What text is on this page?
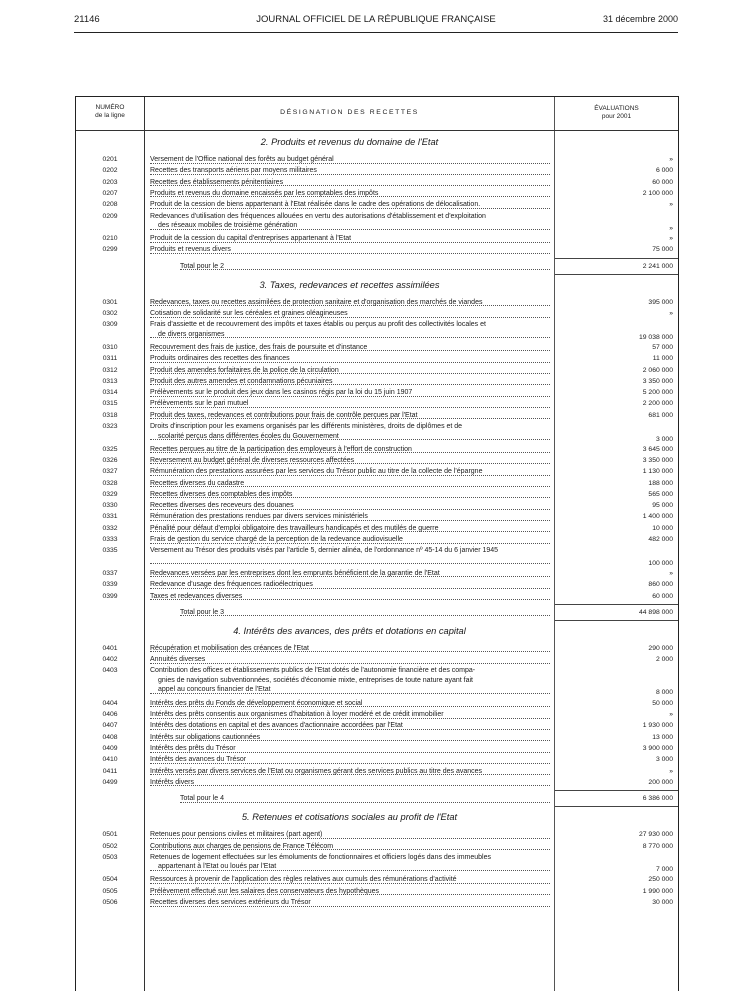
21146	JOURNAL OFFICIEL DE LA RÉPUBLIQUE FRANÇAISE	31 décembre 2000
NUMÉRO
de la ligne	DÉSIGNATION DES RECETTES
ÉVALUATIONS
pour 2001
2. Produits et revenus du domaine de l'Etat
0201	Versement de l'Office national des forêts au budget général	»
0202	Recettes des transports aériens par moyens militaires	6 000
0203	Recettes des établissements pénitentiaires	60 000
0207	Produits et revenus du domaine encaissés par les comptables des impôts	2 100 000
0208	Produit de la cession de biens appartenant à l'Etat réalisée dans le cadre des opérations de délocalisation.	»
0209	Redevances d'utilisation des fréquences allouées en vertu des autorisations d'établissement et d'exploitation
des réseaux mobiles de troisième génération	»
0210	Produit de la cession du capital d'entreprises appartenant à l'Etat	»
0299	Produits et revenus divers	75 000
Total pour le 2	2 241 000
3. Taxes, redevances et recettes assimilées
0301	Redevances, taxes ou recettes assimilées de protection sanitaire et d'organisation des marchés de viandes	395 000
0302	Cotisation de solidarité sur les céréales et graines oléagineuses	»
0309	Frais d'assiette et de recouvrement des impôts et taxes établis ou perçus au profit des collectivités locales et
de divers organismes	19 038 000
0310	Recouvrement des frais de justice, des frais de poursuite et d'instance	57 000
0311	Produits ordinaires des recettes des finances	11 000
0312	Produit des amendes forfaitaires de la police de la circulation	2 060 000
0313	Produit des autres amendes et condamnations pécuniaires	3 350 000
0314	Prélèvements sur le produit des jeux dans les casinos régis par la loi du 15 juin 1907	5 200 000
0315	Prélèvements sur le pari mutuel	2 200 000
0318	Produit des taxes, redevances et contributions pour frais de contrôle perçues par l'Etat	681 000
0323	Droits d'inscription pour les examens organisés par les différents ministères, droits de diplômes et de
scolarité perçus dans différentes écoles du Gouvernement	3 000
0325	Recettes perçues au titre de la participation des employeurs à l'effort de construction	3 645 000
0326	Reversement au budget général de diverses ressources affectées	3 350 000
0327	Rémunération des prestations assurées par les services du Trésor public au titre de la collecte de l'épargne	1 130 000
0328	Recettes diverses du cadastre	188 000
0329	Recettes diverses des comptables des impôts	565 000
0330	Recettes diverses des receveurs des douanes	95 000
0331	Rémunération des prestations rendues par divers services ministériels	1 400 000
0332	Pénalité pour défaut d'emploi obligatoire des travailleurs handicapés et des mutilés de guerre	10 000
0333	Frais de gestion du service chargé de la perception de la redevance audiovisuelle	482 000
0335	Versement au Trésor des produits visés par l'article 5, dernier alinéa, de l'ordonnance nº 45-14 du 6 janvier 1945
100 000
0337	Redevances versées par les entreprises dont les emprunts bénéficient de la garantie de l'Etat	»
0339	Redevance d'usage des fréquences radioélectriques	860 000
0399	Taxes et redevances diverses	60 000
Total pour le 3	44 898 000
4. Intérêts des avances, des prêts et dotations en capital
0401	Récupération et mobilisation des créances de l'Etat	290 000
0402	Annuités diverses	2 000
0403	Contribution des offices et établissements publics de l'Etat dotés de l'autonomie financière et des compa-
gnies de navigation subventionnées, sociétés d'économie mixte, entreprises de toute nature ayant fait
appel au concours financier de l'Etat	8 000
0404	Intérêts des prêts du Fonds de développement économique et social	50 000
0406	Intérêts des prêts consentis aux organismes d'habitation à loyer modéré et de crédit immobilier	»
0407	Intérêts des dotations en capital et des avances d'actionnaire accordées par l'Etat	1 930 000
0408	Intérêts sur obligations cautionnées	13 000
0409	Intérêts des prêts du Trésor	3 900 000
0410	Intérêts des avances du Trésor	3 000
0411	Intérêts versés par divers services de l'Etat ou organismes gérant des services publics au titre des avances	»
0499	Intérêts divers	200 000
Total pour le 4	6 386 000
5. Retenues et cotisations sociales au profit de l'Etat
0501	Retenues pour pensions civiles et militaires (part agent)	27 930 000
0502	Contributions aux charges de pensions de France Télécom	8 770 000
0503	Retenues de logement effectuées sur les émoluments de fonctionnaires et officiers logés dans des immeubles
appartenant à l'Etat ou loués par l'Etat	7 000
0504	Ressources à provenir de l'application des règles relatives aux cumuls des rémunérations d'activité	250 000
0505	Prélèvement effectué sur les salaires des conservateurs des hypothèques	1 990 000
0506	Recettes diverses des services extérieurs du Trésor	30 000
